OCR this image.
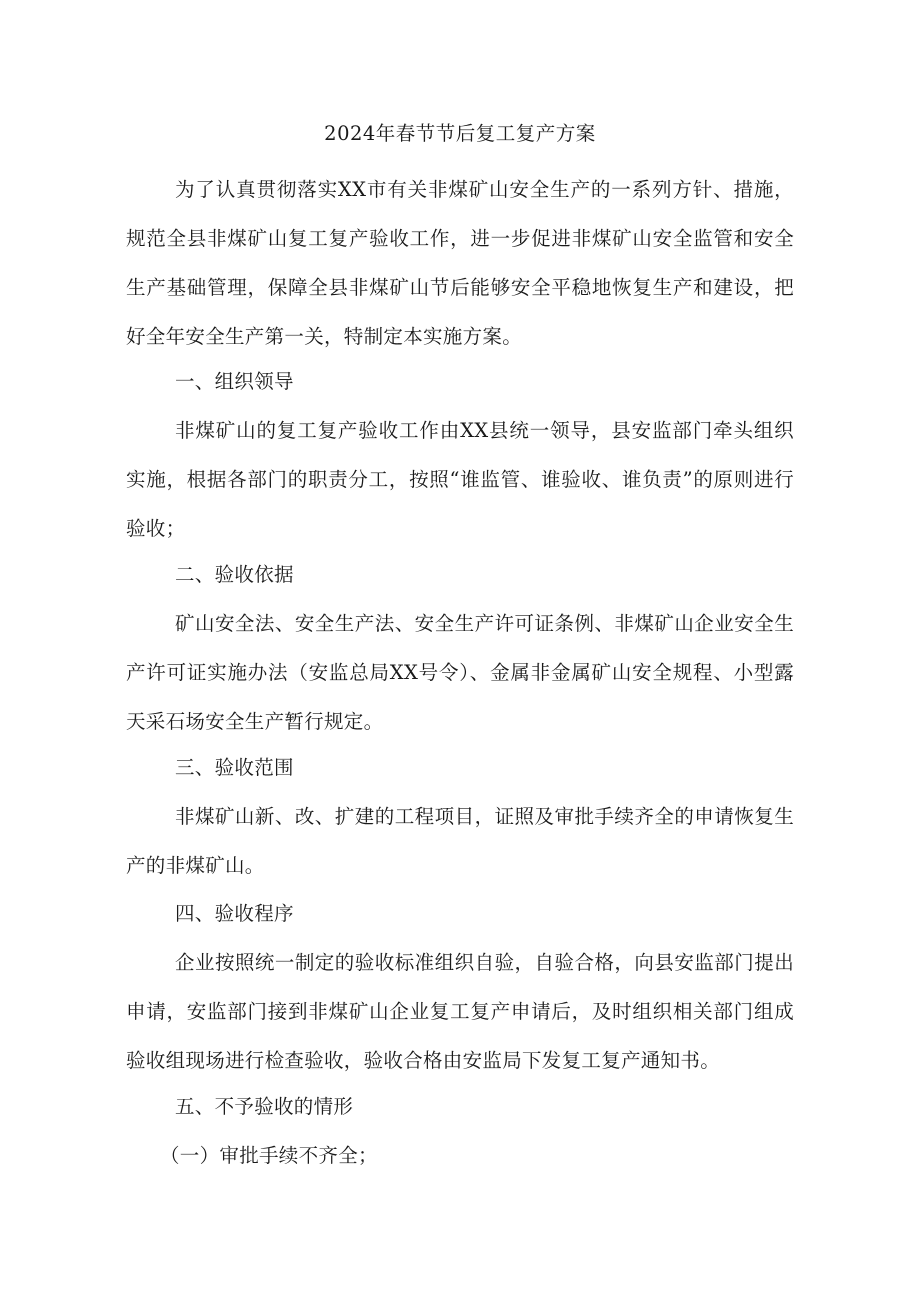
2024年春节节后复工复产方案

为了认真贯彻落实XX市有关非煤矿山安全生产的一系列方针、措施，规范全县非煤矿山复工复产验收工作，进一步促进非煤矿山安全监管和安全生产基础管理，保障全县非煤矿山节后能够安全平稳地恢复生产和建设，把好全年安全生产第一关，特制定本实施方案。

一、组织领导

非煤矿山的复工复产验收工作由XX县统一领导，县安监部门牵头组织实施，根据各部门的职责分工，按照“谁监管、谁验收、谁负责”的原则进行验收；

二、验收依据

矿山安全法、安全生产法、安全生产许可证条例、非煤矿山企业安全生产许可证实施办法（安监总局XX号令）、金属非金属矿山安全规程、小型露天采石场安全生产暂行规定。

三、验收范围

非煤矿山新、改、扩建的工程项目，证照及审批手续齐全的申请恢复生产的非煤矿山。

四、验收程序

企业按照统一制定的验收标准组织自验，自验合格，向县安监部门提出申请，安监部门接到非煤矿山企业复工复产申请后，及时组织相关部门组成验收组现场进行检查验收，验收合格由安监局下发复工复产通知书。

五、不予验收的情形
（一）审批手续不齐全；
